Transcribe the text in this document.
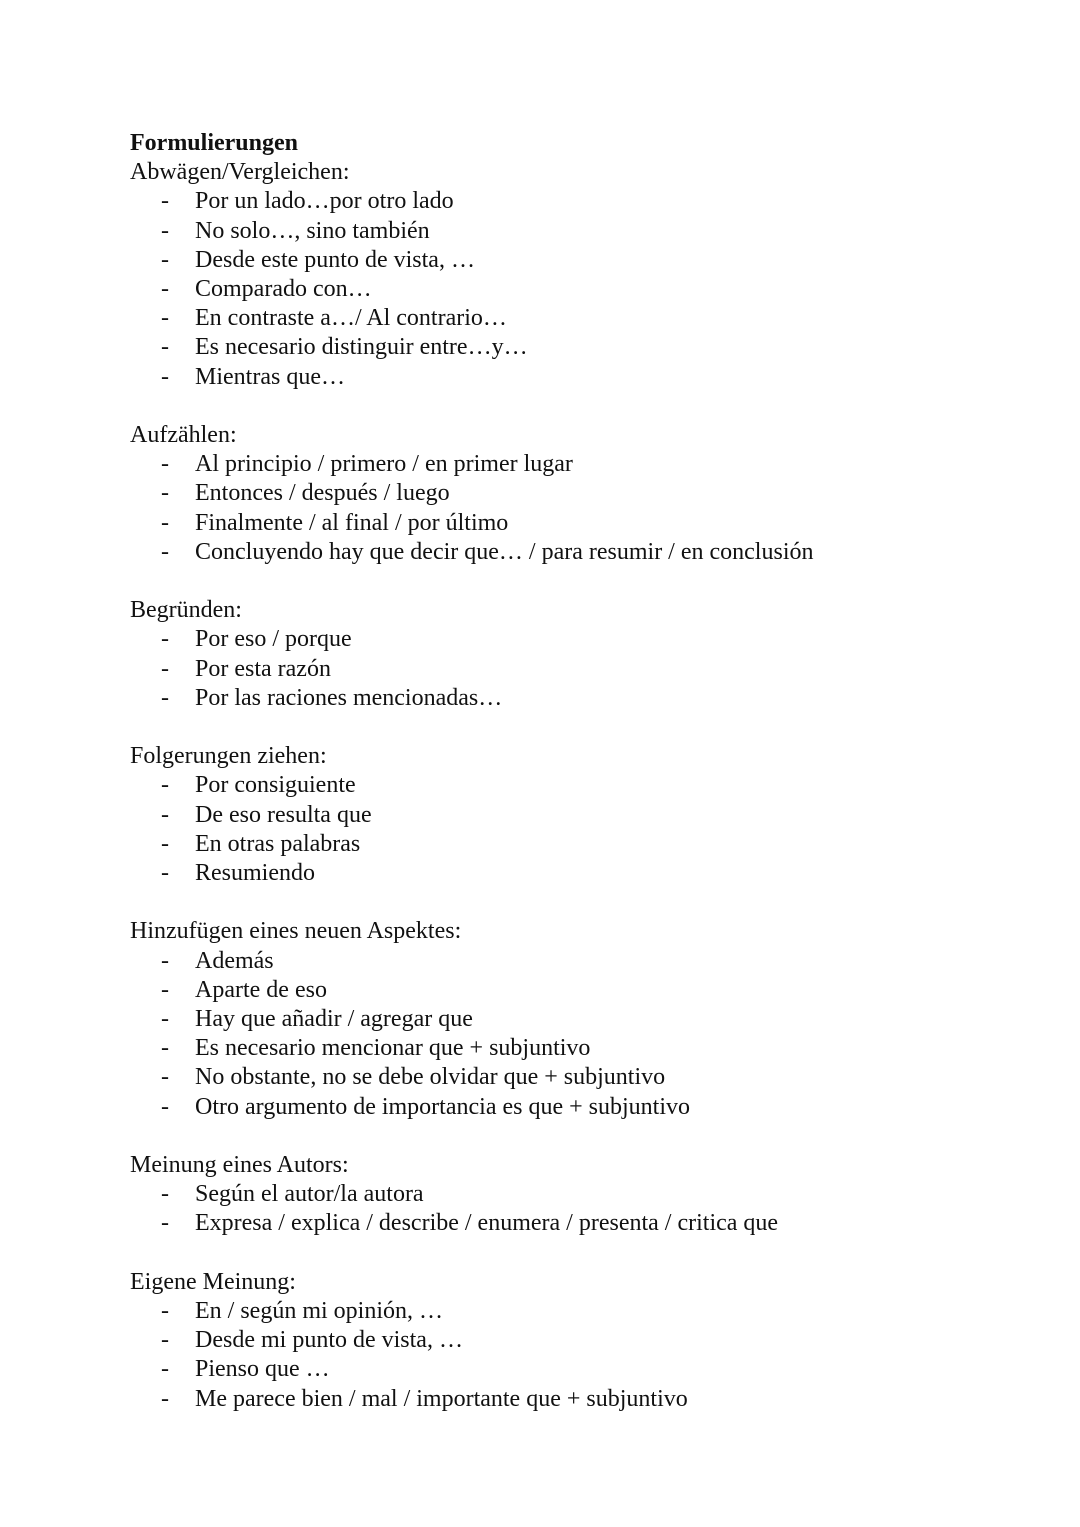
Formulierungen
Abwägen/Vergleichen:
- Por un lado…por otro lado
- No solo…, sino también
- Desde este punto de vista, …
- Comparado con…
- En contraste a…/ Al contrario…
- Es necesario distinguir entre…y…
- Mientras que…
Aufzählen:
- Al principio / primero / en primer lugar
- Entonces / después / luego
- Finalmente / al final / por último
- Concluyendo hay que decir que… / para resumir / en conclusión
Begründen:
- Por eso / porque
- Por esta razón
- Por las raciones mencionadas…
Folgerungen ziehen:
- Por consiguiente
- De eso resulta que
- En otras palabras
- Resumiendo
Hinzufügen eines neuen Aspektes:
- Además
- Aparte de eso
- Hay que añadir / agregar que
- Es necesario mencionar que + subjuntivo
- No obstante, no se debe olvidar que + subjuntivo
- Otro argumento de importancia es que + subjuntivo
Meinung eines Autors:
- Según el autor/la autora
- Expresa / explica / describe / enumera / presenta / critica que
Eigene Meinung:
- En / según mi opinión, …
- Desde mi punto de vista, …
- Pienso que …
- Me parece bien / mal / importante que + subjuntivo
